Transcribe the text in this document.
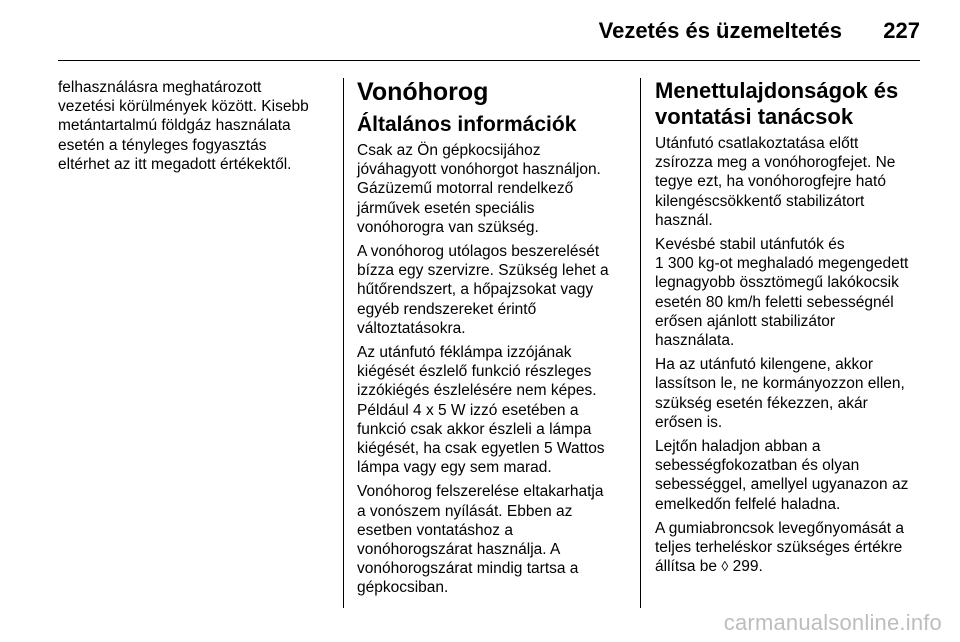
Vezetés és üzemeltetés 227

felhasználásra meghatározott
vezetési körülmények között. Kisebb
metántartalmú földgáz használata
esetén a tényleges fogyasztás
eltérhet az itt megadott értékektől.

Vonóhorog
Általános információk

Csak az Ön gépkocsijához
jóváhagyott vonóhorgot használjon.
Gázüzemű motorral rendelkező
járművek esetén speciális
vonóhorogra van szükség.

A vonóhorog utólagos beszerelését
bízza egy szervizre. Szükség lehet a
hűtőrendszert, a hőpajzsokat vagy
egyéb rendszereket érintő
változtatásokra.

Az utánfutó féklámpa izzójának
kiégését észlelő funkció részleges
izzókiégés észlelésére nem képes.
Például 4 x 5 W izzó esetében a
funkció csak akkor észleli a lámpa
kiégését, ha csak egyetlen 5 Wattos
lámpa vagy egy sem marad.

Vonóhorog felszerelése eltakarhatja
a vonószem nyílását. Ebben az
esetben vontatáshoz a
vonóhorogszárat használja. A
vonóhorogszárat mindig tartsa a
gépkocsiban.

Menettulajdonságok és
vontatási tanácsok

Utánfutó csatlakoztatása előtt
zsírozza meg a vonóhorogfejet. Ne
tegye ezt, ha vonóhorogfejre ható
kilengéscsökkentő stabilizátort
használ.

Kevésbé stabil utánfutók és
1 300 kg-ot meghaladó megengedett
legnagyobb össztömegű lakókocsik
esetén 80 km/h feletti sebességnél
erősen ajánlott stabilizátor
használata.

Ha az utánfutó kilengene, akkor
lassítson le, ne kormányozzon ellen,
szükség esetén fékezzen, akár
erősen is.

Lejtőn haladjon abban a
sebességfokozatban és olyan
sebességgel, amellyel ugyanazon az
emelkedőn felfelé haladna.

A gumiabroncsok levegőnyomását a
teljes terheléskor szükséges értékre
állítsa be ◊ 299.

carmanualsonline.info
